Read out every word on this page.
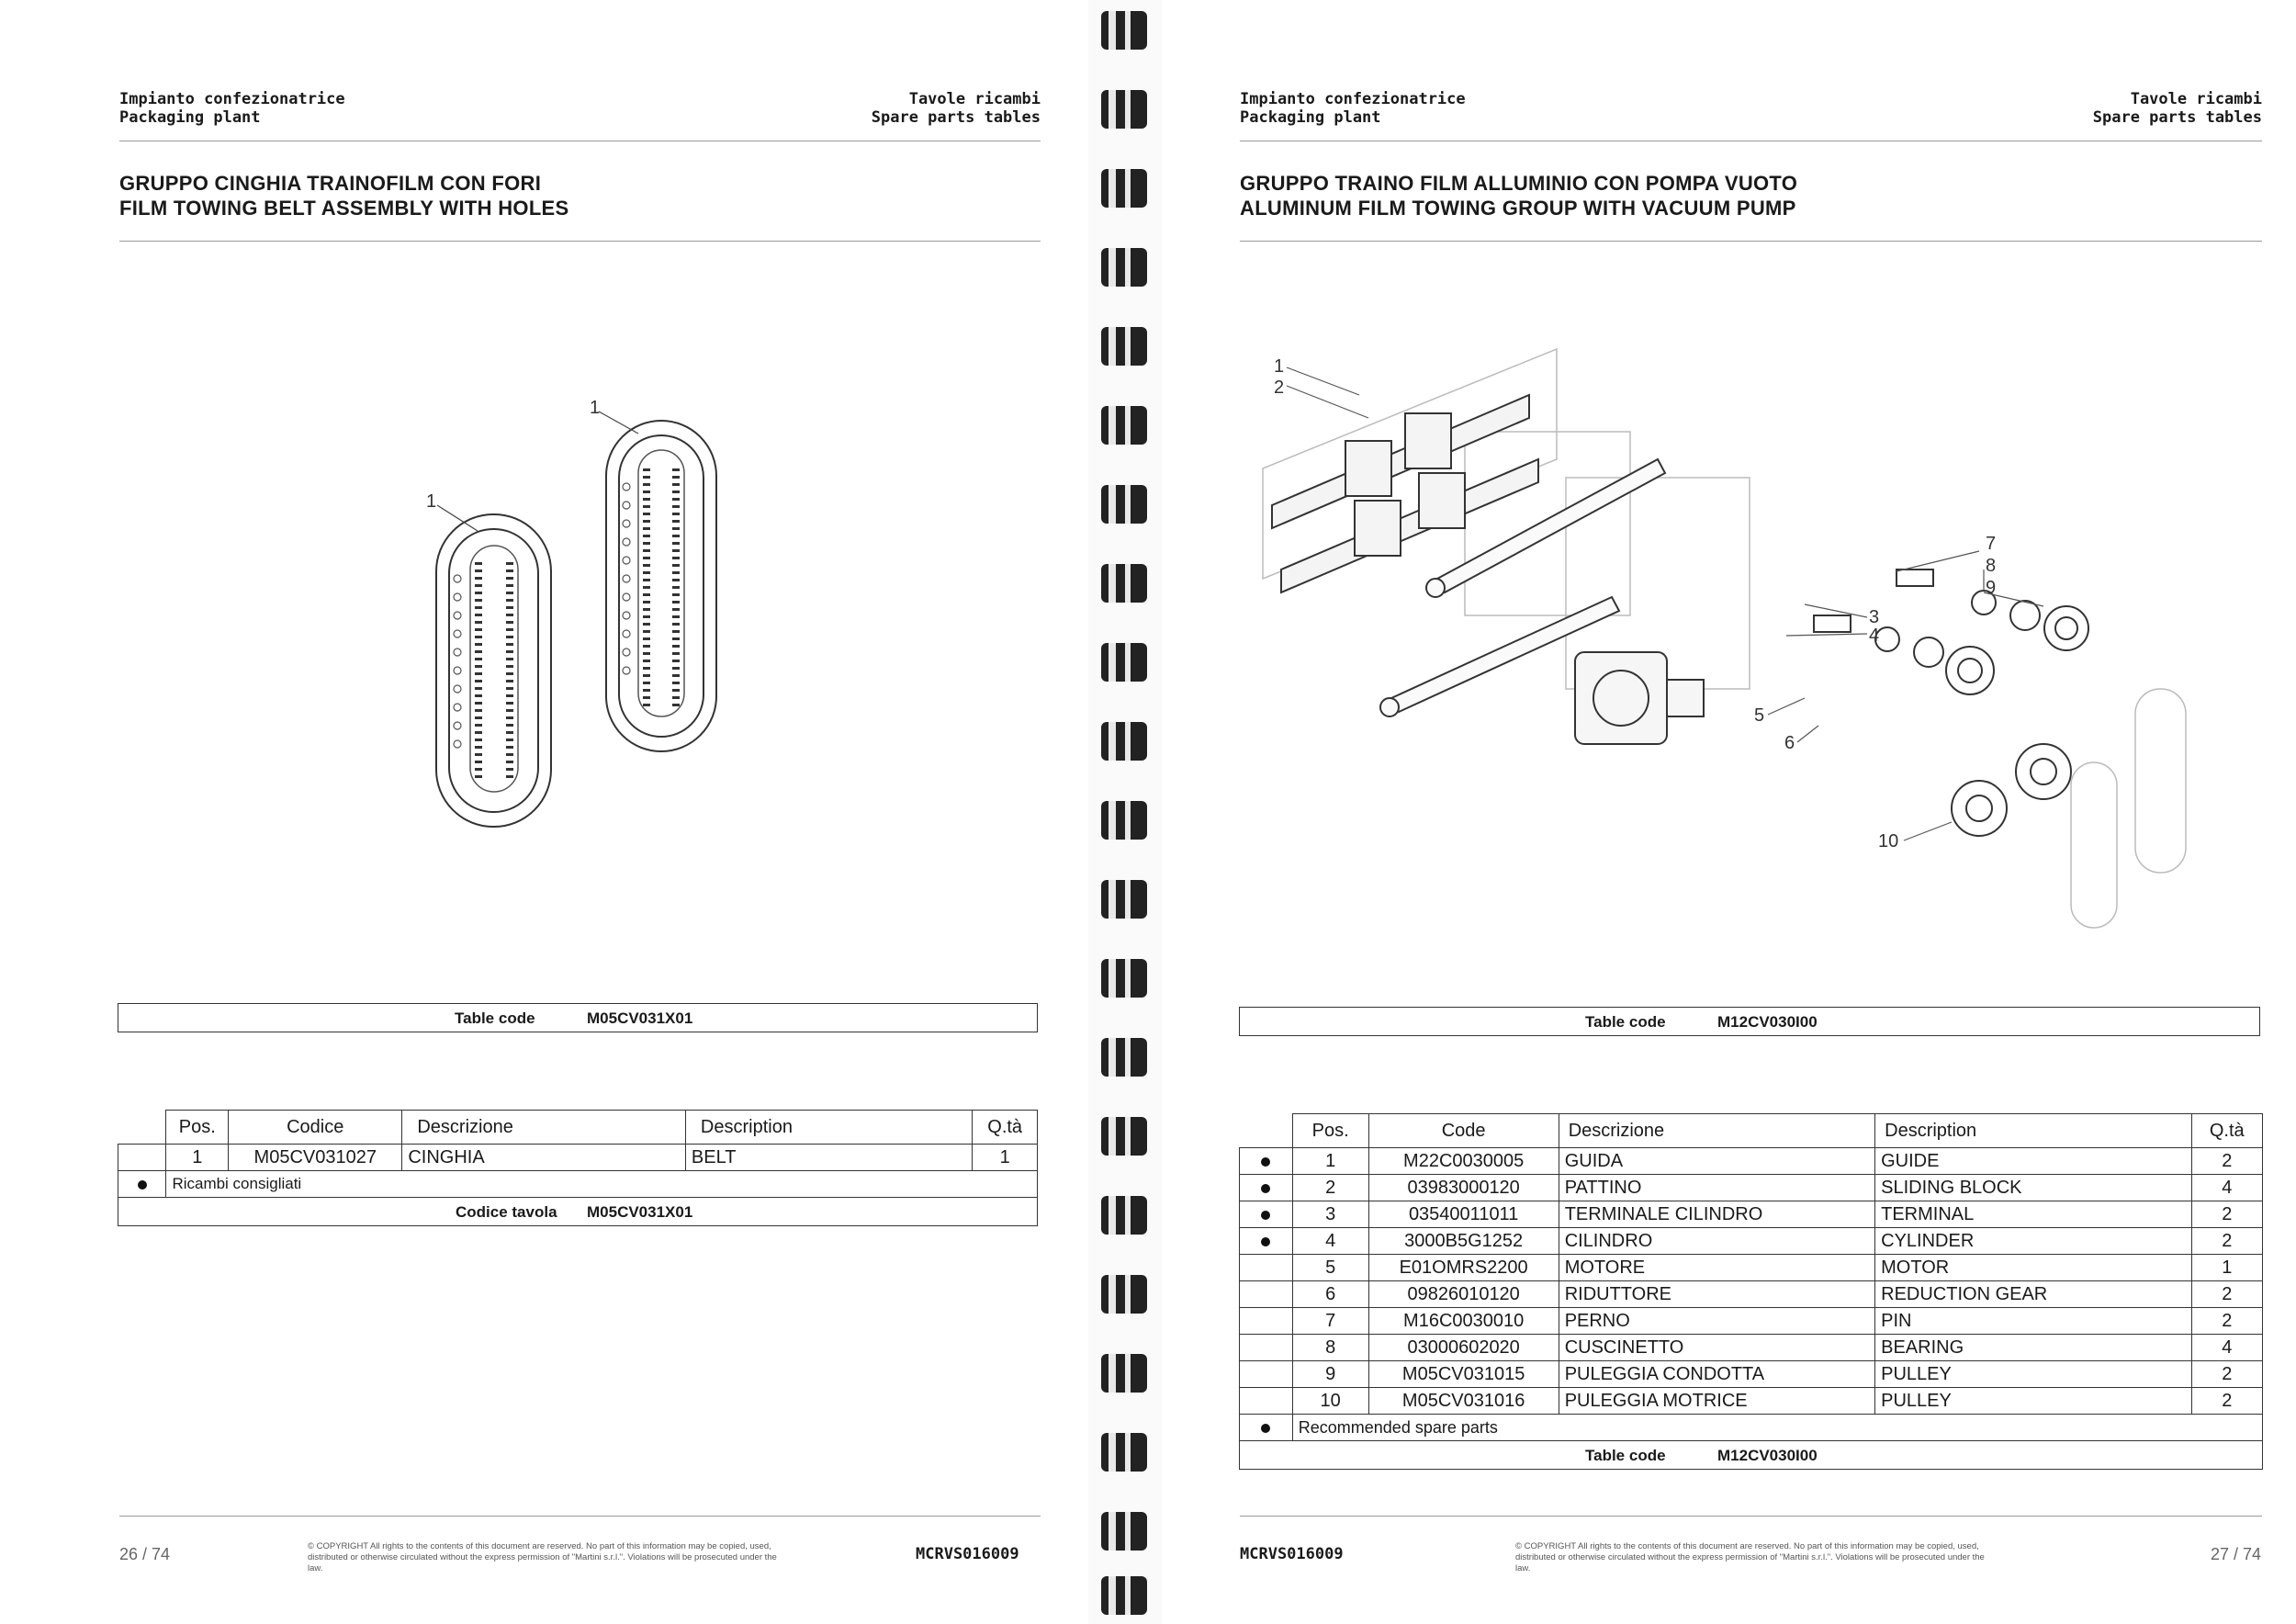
Impianto confezionatrice
Packaging plant
Tavole ricambi
Spare parts tables
GRUPPO CINGHIA TRAINOFILM CON FORI
FILM TOWING BELT ASSEMBLY WITH HOLES
1
1
Table code	M05CV031X01
	Pos.	Codice	Descrizione	Description	Q.tà
	1	M05CV031027	CINGHIA	BELT	1
	Ricambi consigliati				

Codice tavola M05CV031X01					
26 / 74	© COPYRIGHT All rights to the contents of this document are reserved. No part of this information may be copied, used, distributed or otherwise circulated without the express permission of "Martini s.r.l.". Violations will be prosecuted under the law.
MCRVS016009
Impianto confezionatrice
Packaging plant
Tavole ricambi
Spare parts tables
GRUPPO TRAINO FILM ALLUMINIO CON POMPA VUOTO
ALUMINUM FILM TOWING GROUP WITH VACUUM PUMP
1
2
3
4
5
6
7
8
9
10
Table code	M12CV030I00
	Pos.	Code	Descrizione	Description	Q.tà
	1	M22C0030005	GUIDA	GUIDE	2
	2	03983000120	PATTINO	SLIDING BLOCK	4
	3	03540011011	TERMINALE CILINDRO	TERMINAL	2
	4	3000B5G1252	CILINDRO	CYLINDER	2
	5	E01OMRS2200	MOTORE	MOTOR	1
	6	09826010120	RIDUTTORE	REDUCTION GEAR	2
	7	M16C0030010	PERNO	PIN	2
	8	03000602020	CUSCINETTO	BEARING	4
	9	M05CV031015	PULEGGIA CONDOTTA	PULLEY	2
	10	M05CV031016	PULEGGIA MOTRICE	PULLEY	2
	Recommended spare parts				

Table code M12CV030I00					
MCRVS016009	© COPYRIGHT All rights to the contents of this document are reserved. No part of this information may be copied, used, distributed or otherwise circulated without the express permission of "Martini s.r.l.". Violations will be prosecuted under the law.
27 / 74
